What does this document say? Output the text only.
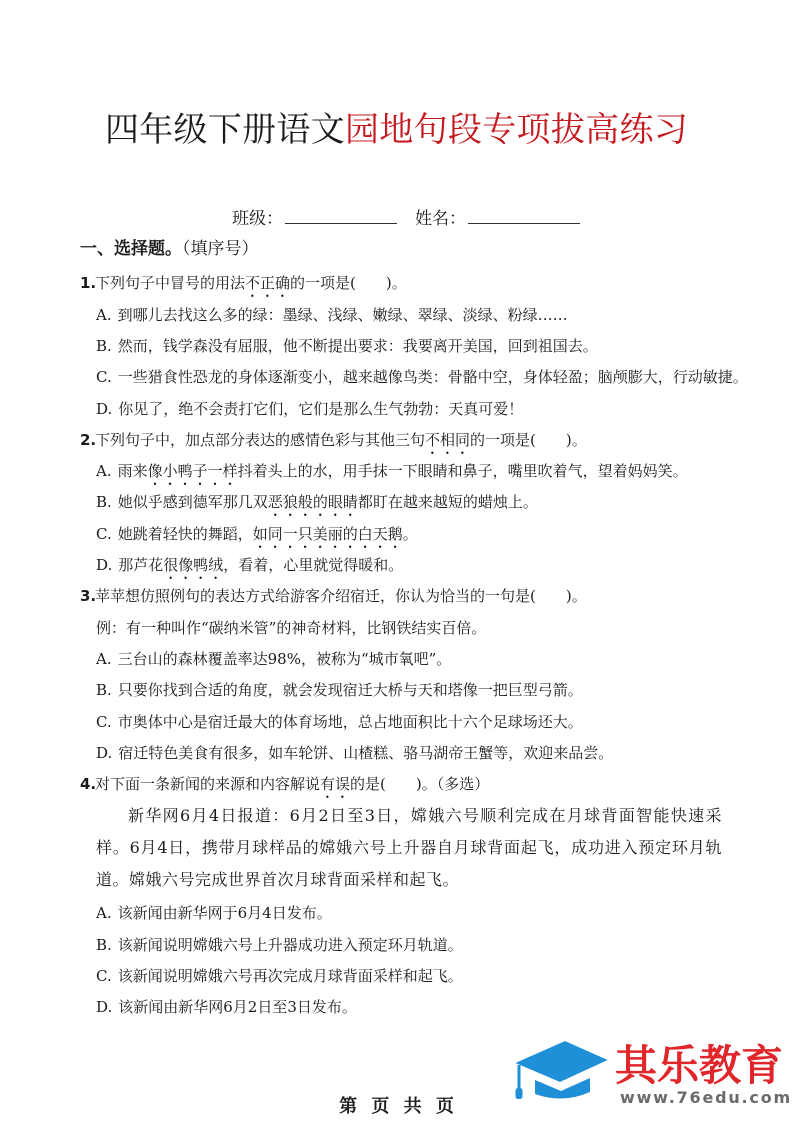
四年级下册语文园地句段专项拔高练习
班级：	姓名：
一、选择题。（填序号）
1.下列句子中冒号的用法不正确的一项是(　　)。
A. 到哪儿去找这么多的绿：墨绿、浅绿、嫩绿、翠绿、淡绿、粉绿……
B. 然而，钱学森没有屈服，他不断提出要求：我要离开美国，回到祖国去。
C. 一些猎食性恐龙的身体逐渐变小，越来越像鸟类：骨骼中空，身体轻盈；脑颅膨大，行动敏捷。
D. 你见了，绝不会责打它们，它们是那么生气勃勃：天真可爱！
2.下列句子中，加点部分表达的感情色彩与其他三句不相同的一项是(　　)。
A. 雨来像小鸭子一样抖着头上的水，用手抹一下眼睛和鼻子，嘴里吹着气，望着妈妈笑。
B. 她似乎感到德军那几双恶狼般的眼睛都盯在越来越短的蜡烛上。
C. 她跳着轻快的舞蹈，如同一只美丽的白天鹅。
D. 那芦花很像鸭绒，看着，心里就觉得暖和。
3.苹苹想仿照例句的表达方式给游客介绍宿迁，你认为恰当的一句是(　　)。
例：有一种叫作“碳纳米管”的神奇材料，比钢铁结实百倍。
A. 三台山的森林覆盖率达98%，被称为“城市氧吧”。
B. 只要你找到合适的角度，就会发现宿迁大桥与天和塔像一把巨型弓箭。
C. 市奥体中心是宿迁最大的体育场地，总占地面积比十六个足球场还大。
D. 宿迁特色美食有很多，如车轮饼、山楂糕、骆马湖帝王蟹等，欢迎来品尝。
4.对下面一条新闻的来源和内容解说有误的是(　　)。（多选）
新华网6月4日报道：6月2日至3日，嫦娥六号顺利完成在月球背面智能快速采样。6月4日，携带月球样品的嫦娥六号上升器自月球背面起飞，成功进入预定环月轨道。嫦娥六号完成世界首次月球背面采样和起飞。
A. 该新闻由新华网于6月4日发布。
B. 该新闻说明嫦娥六号上升器成功进入预定环月轨道。
C. 该新闻说明嫦娥六号再次完成月球背面采样和起飞。
D. 该新闻由新华网6月2日至3日发布。
第 页 共 页
其乐教育
www.76edu.com
